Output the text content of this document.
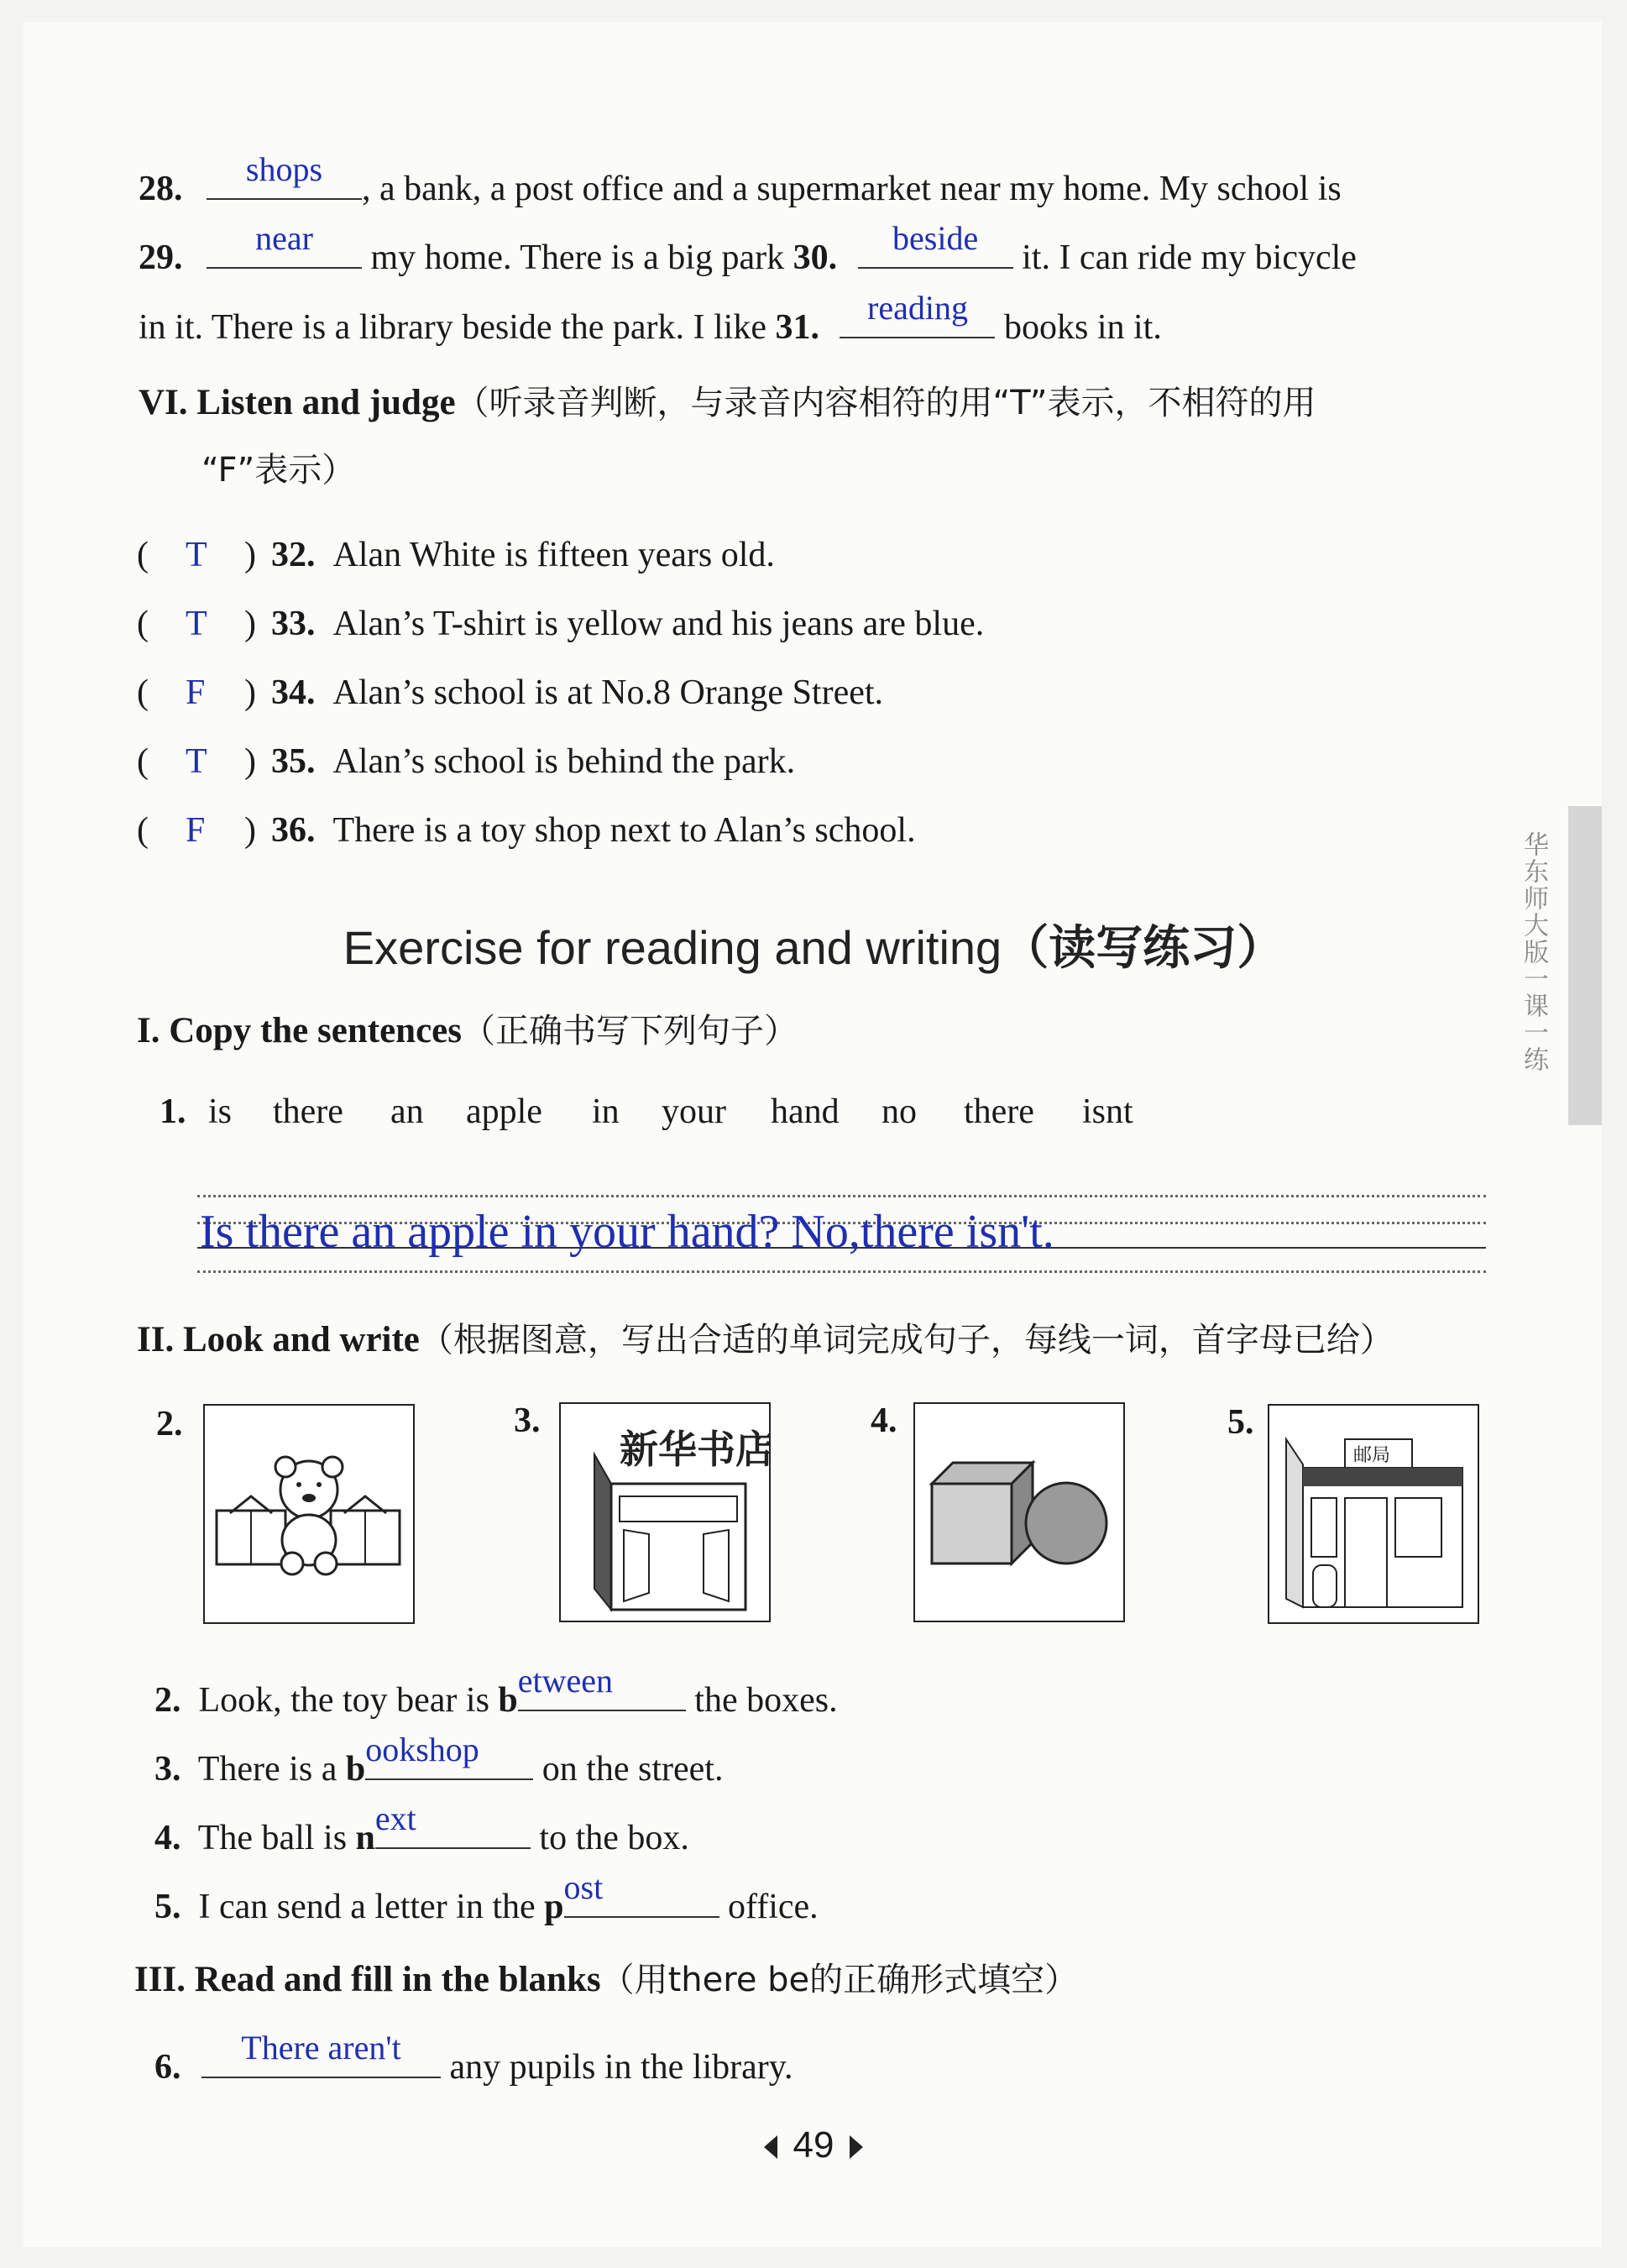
28.
shops
, a bank, a post office and a supermarket near my home. My school is
29.
near
my home. There is a big park 30.
beside
it. I can ride my bicycle
in it. There is a library beside the park. I like 31.
reading
books in it.
VI. Listen and judge（听录音判断，与录音内容相符的用“T”表示，不相符的用
“F”表示）
( T ) 32. Alan White is fifteen years old.
( T ) 33. Alan’s T-shirt is yellow and his jeans are blue.
( F ) 34. Alan’s school is at No.8 Orange Street.
( T ) 35. Alan’s school is behind the park.
( F ) 36. There is a toy shop next to Alan’s school.
Exercise for reading and writing（读写练习）
I. Copy the sentences（正确书写下列句子）
1. is there an apple in your hand no there isnt
Is there an apple in your hand? No,there isn't.
II. Look and write（根据图意，写出合适的单词完成句子，每线一词，首字母已给）
2.	3.
新华书店
4.	5.
邮局
2. Look, the toy bear is b
etween
the boxes.
3. There is a b
ookshop
on the street.
4. The ball is n
ext
to the box.
5. I can send a letter in the p
ost
office.
III. Read and fill in the blanks（用there be的正确形式填空）
6.
There aren't
any pupils in the library.
华东师大版一课一练
49
